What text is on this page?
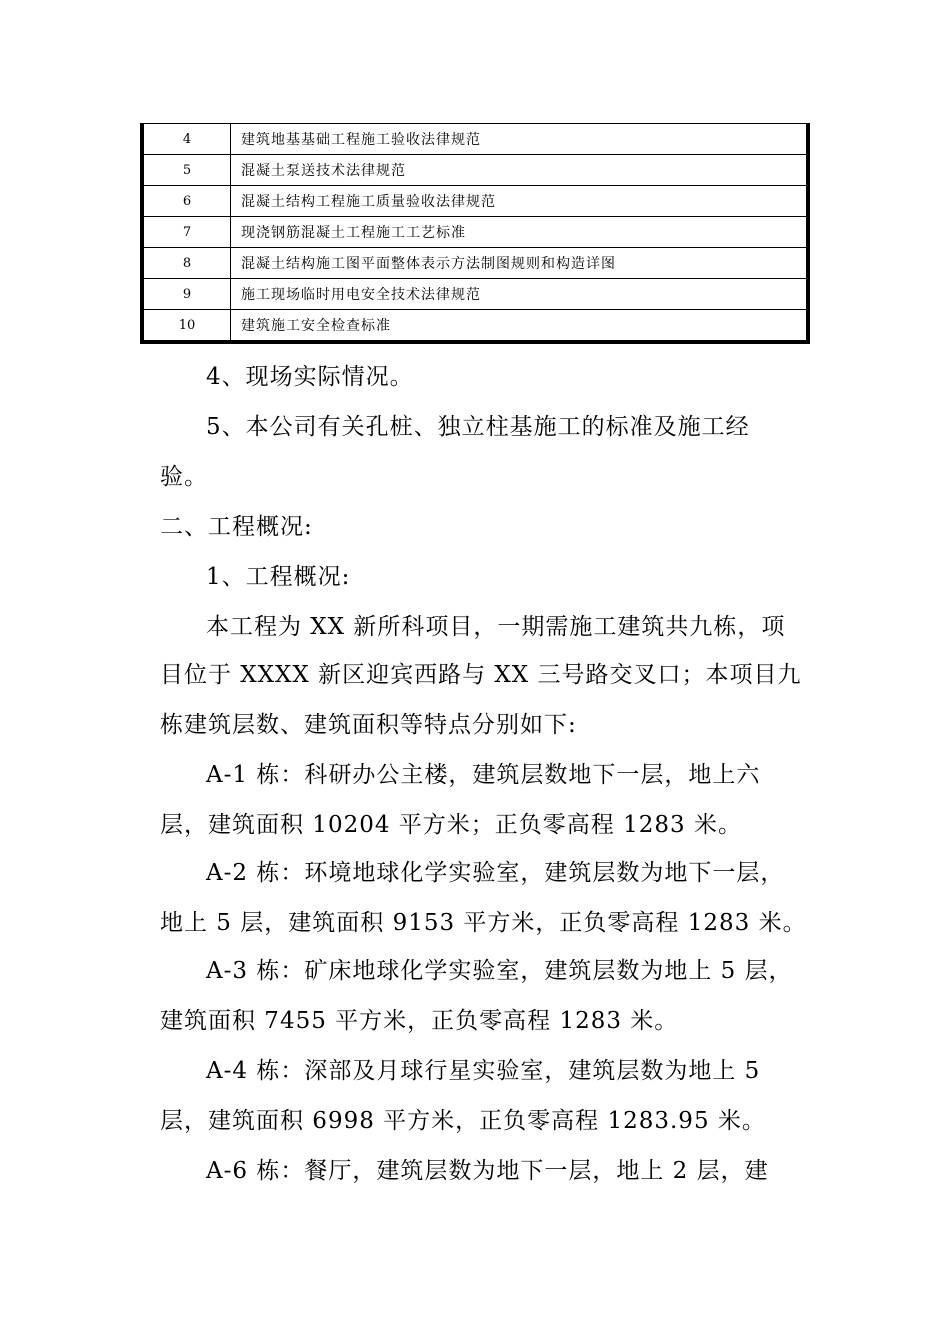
4	建筑地基基础工程施工验收法律规范
5	混凝土泵送技术法律规范
6	混凝土结构工程施工质量验收法律规范
7	现浇钢筋混凝土工程施工工艺标准
8	混凝土结构施工图平面整体表示方法制图规则和构造详图
9	施工现场临时用电安全技术法律规范
10	建筑施工安全检查标准
4、现场实际情况。
5、本公司有关孔桩、独立柱基施工的标准及施工经
验。
二、工程概况:
1、工程概况:
本工程为 XX 新所科项目，一期需施工建筑共九栋，项
目位于 XXXX 新区迎宾西路与 XX 三号路交叉口；本项目九
栋建筑层数、建筑面积等特点分别如下:
A-1 栋：科研办公主楼，建筑层数地下一层，地上六
层，建筑面积 10204 平方米；正负零高程 1283 米。
A-2 栋：环境地球化学实验室，建筑层数为地下一层，
地上 5 层，建筑面积 9153 平方米，正负零高程 1283 米。
A-3 栋：矿床地球化学实验室，建筑层数为地上 5 层，
建筑面积 7455 平方米，正负零高程 1283 米。
A-4 栋：深部及月球行星实验室，建筑层数为地上 5
层，建筑面积 6998 平方米，正负零高程 1283.95 米。
A-6 栋：餐厅，建筑层数为地下一层，地上 2 层，建
